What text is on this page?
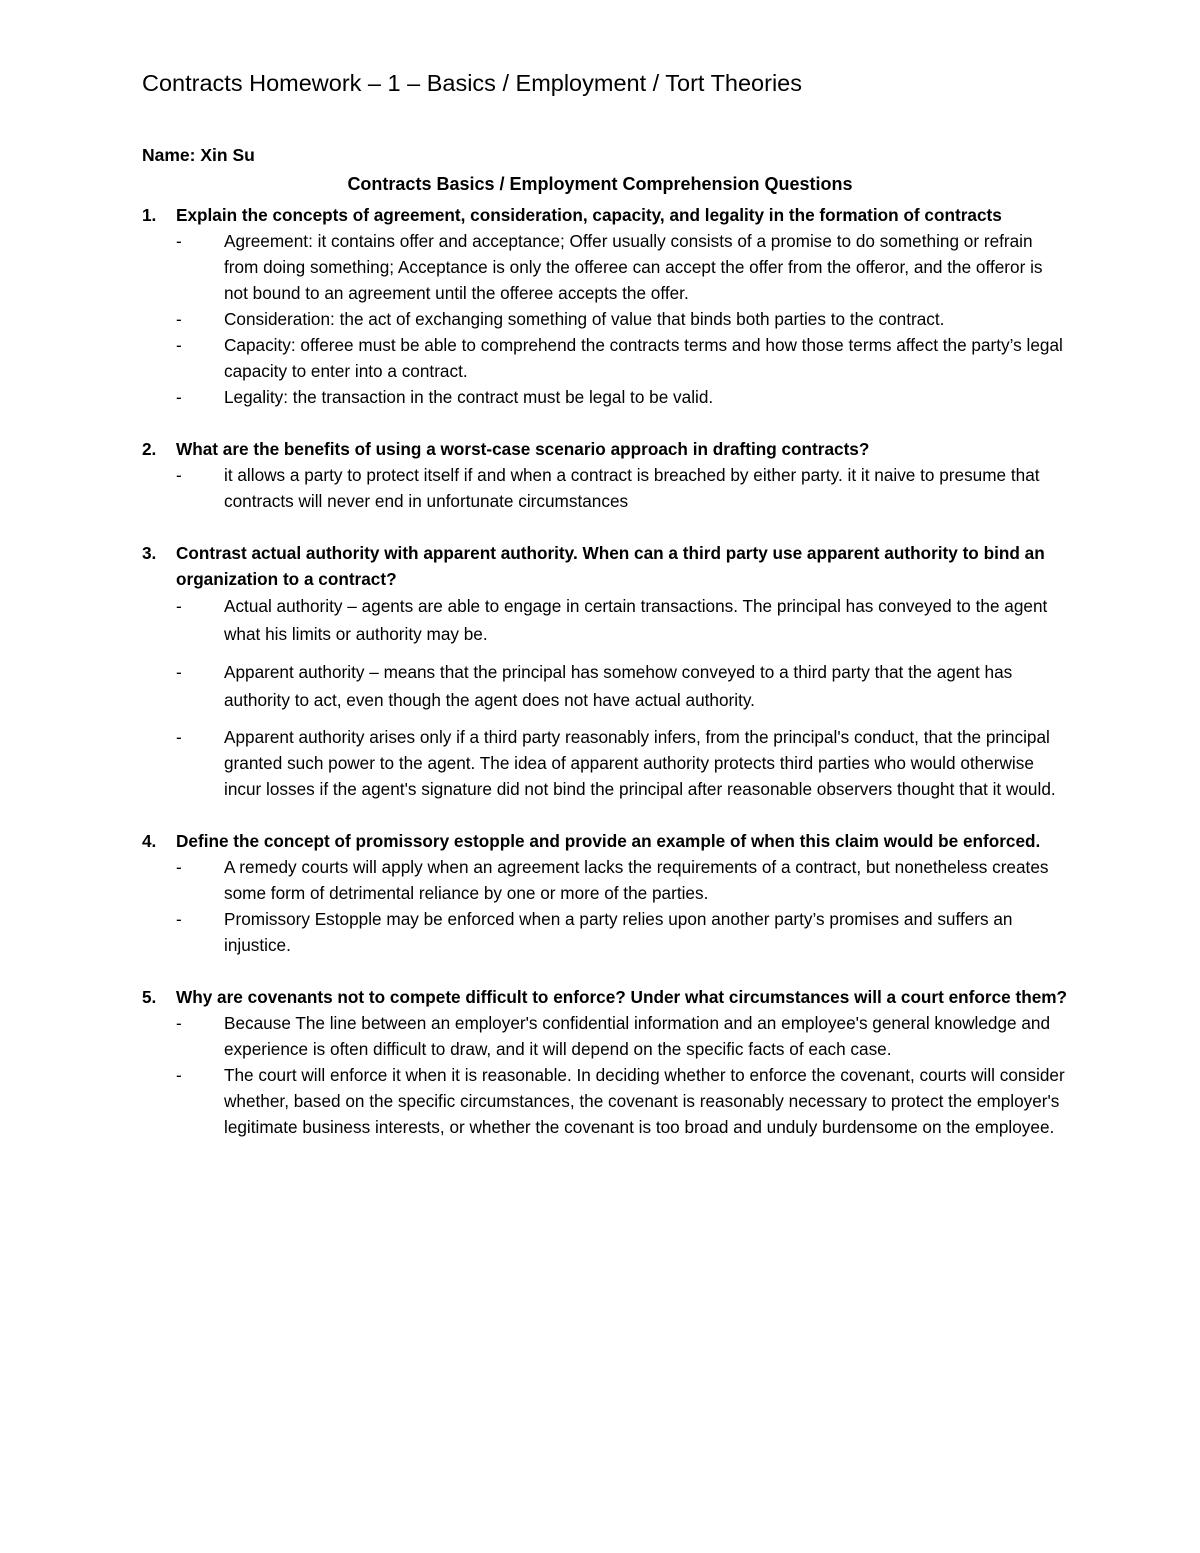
Contracts Homework – 1 – Basics / Employment / Tort Theories

Name: Xin Su

Contracts Basics / Employment Comprehension Questions
1.	Explain the concepts of agreement, consideration, capacity, and legality in the formation of contracts
-	Agreement: it contains offer and acceptance; Offer usually consists of a promise to do something or refrain from doing something; Acceptance is only the offeree can accept the offer from the offeror, and the offeror is not bound to an agreement until the offeree accepts the offer.
-	Consideration: the act of exchanging something of value that binds both parties to the contract.
-	Capacity: offeree must be able to comprehend the contracts terms and how those terms affect the party’s legal capacity to enter into a contract.
-	Legality: the transaction in the contract must be legal to be valid.
2.	What are the benefits of using a worst-case scenario approach in drafting contracts?
-	it allows a party to protect itself if and when a contract is breached by either party. it it naive to presume that contracts will never end in unfortunate circumstances
3.	Contrast actual authority with apparent authority. When can a third party use apparent authority to bind an organization to a contract?
-	Actual authority – agents are able to engage in certain transactions. The principal has conveyed to the agent what his limits or authority may be.
-	Apparent authority – means that the principal has somehow conveyed to a third party that the agent has authority to act, even though the agent does not have actual authority.
-	Apparent authority arises only if a third party reasonably infers, from the principal's conduct, that the principal granted such power to the agent. The idea of apparent authority protects third parties who would otherwise incur losses if the agent's signature did not bind the principal after reasonable observers thought that it would.
4.	Define the concept of promissory estopple and provide an example of when this claim would be enforced.
-	A remedy courts will apply when an agreement lacks the requirements of a contract, but nonetheless creates some form of detrimental reliance by one or more of the parties.
-	Promissory Estopple may be enforced when a party relies upon another party’s promises and suffers an injustice.
5.	Why are covenants not to compete difficult to enforce? Under what circumstances will a court enforce them?
-	Because The line between an employer's confidential information and an employee's general knowledge and experience is often difficult to draw, and it will depend on the specific facts of each case.
-	The court will enforce it when it is reasonable. In deciding whether to enforce the covenant, courts will consider whether, based on the specific circumstances, the covenant is reasonably necessary to protect the employer's legitimate business interests, or whether the covenant is too broad and unduly burdensome on the employee.
